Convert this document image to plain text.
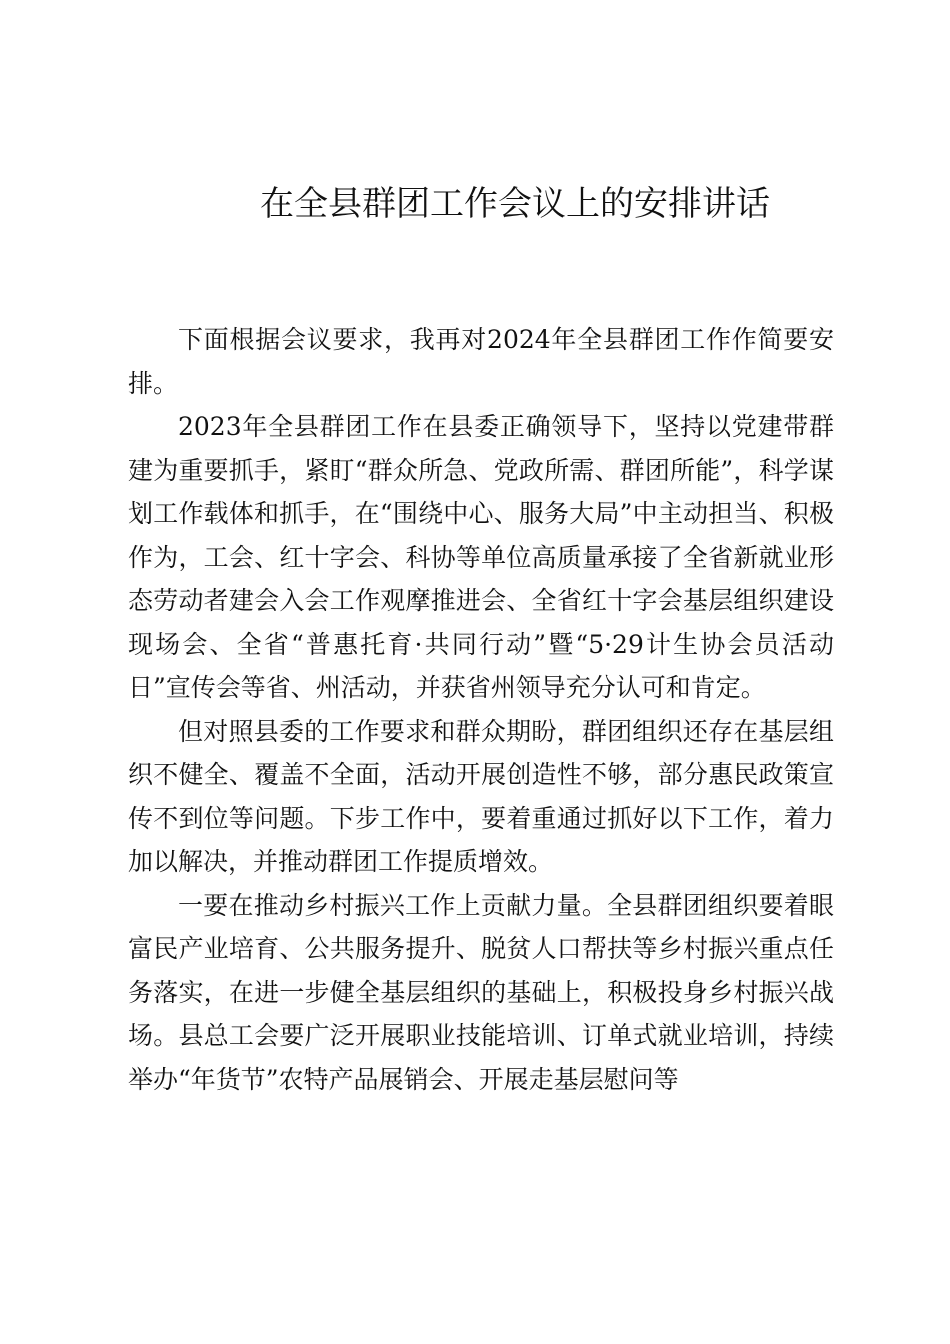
在全县群团工作会议上的安排讲话

下面根据会议要求，我再对2024年全县群团工作作简要安排。

2023年全县群团工作在县委正确领导下，坚持以党建带群建为重要抓手，紧盯“群众所急、党政所需、群团所能”，科学谋划工作载体和抓手，在“围绕中心、服务大局”中主动担当、积极作为，工会、红十字会、科协等单位高质量承接了全省新就业形态劳动者建会入会工作观摩推进会、全省红十字会基层组织建设现场会、全省“普惠托育·共同行动”暨“5·29计生协会员活动日”宣传会等省、州活动，并获省州领导充分认可和肯定。

但对照县委的工作要求和群众期盼，群团组织还存在基层组织不健全、覆盖不全面，活动开展创造性不够，部分惠民政策宣传不到位等问题。下步工作中，要着重通过抓好以下工作，着力加以解决，并推动群团工作提质增效。

一要在推动乡村振兴工作上贡献力量。全县群团组织要着眼富民产业培育、公共服务提升、脱贫人口帮扶等乡村振兴重点任务落实，在进一步健全基层组织的基础上，积极投身乡村振兴战场。县总工会要广泛开展职业技能培训、订单式就业培训，持续举办“年货节”农特产品展销会、开展走基层慰问等
